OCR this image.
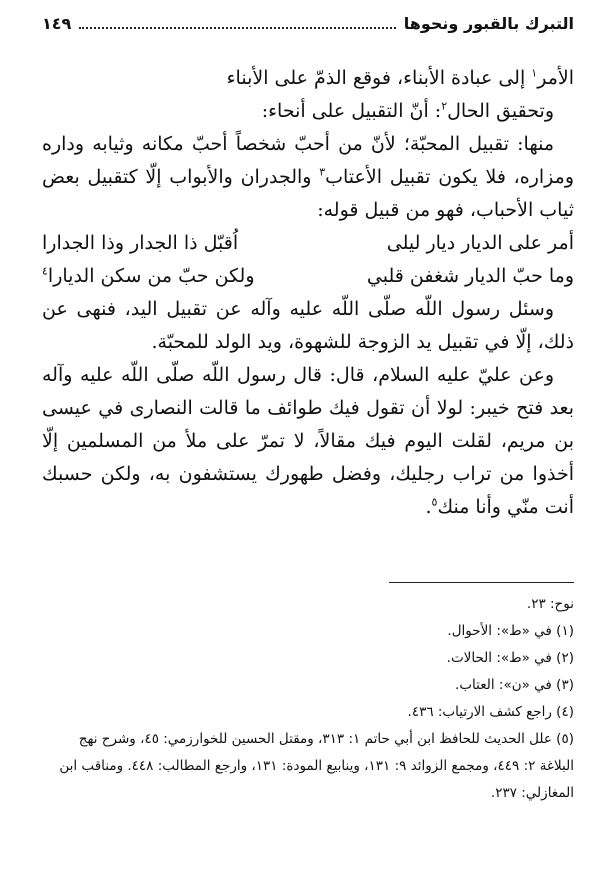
التبرك بالقبور ونحوها
١٤٩

الأمر$^١$ إلى عبادة الأبناء، فوقع الذمّ على الأبناء

وتحقيق الحال$^٢$: أنّ التقبيل على أنحاء:

منها: تقبيل المحبّة؛ لأنّ من أحبّ شخصاً أحبّ مكانه وثيابه وداره ومزاره، فلا يكون تقبيل الأعتاب$^٣$ والجدران والأبواب إلّا كتقبيل بعض ثياب الأحباب، فهو من قبيل قوله:

أمر على الديار ديار ليلى
اُقبّل ذا الجدار وذا الجدارا
وما حبّ الديار شغفن قلبي
ولكن حبّ من سكن الديارا$^٤$

وسئل رسول اللّه صلّى اللّه عليه وآله عن تقبيل اليد، فنهى عن ذلك، إلّا في تقبيل يد الزوجة للشهوة، ويد الولد للمحبّة.

وعن عليّ عليه السلام، قال: قال رسول اللّه صلّى اللّه عليه وآله بعد فتح خيبر: لولا أن تقول فيك طوائف ما قالت النصارى في عيسى بن مريم، لقلت اليوم فيك مقالاً، لا تمرّ على ملأ من المسلمين إلّا أخذوا من تراب رجليك، وفضل طهورك يستشفون به، ولكن حسبك أنت منّي وأنا منك$^٥$.

نوح: ٢٣.

(١) في «ط»: الأحوال.

(٢) في «ط»: الحالات.

(٣) في «ن»: العتاب.

(٤) راجع كشف الارتياب: ٤٣٦.

(٥) علل الحديث للحافظ ابن أبي حاتم ١: ٣١٣، ومقتل الحسين للخوارزمي: ٤٥، وشرح نهج البلاغة ٢: ٤٤٩، ومجمع الزوائد ٩: ١٣١، وينابيع المودة: ١٣١، وارجع المطالب: ٤٤٨. ومناقب ابن المغازلي: ٢٣٧.
